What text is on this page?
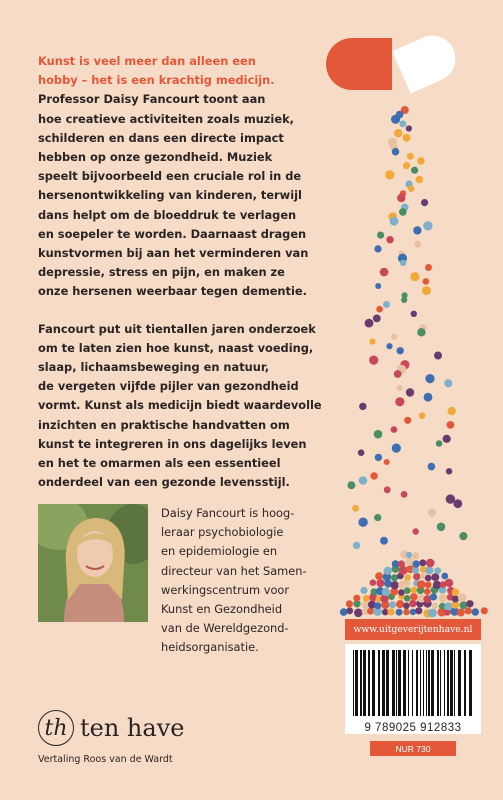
Kunst is veel meer dan alleen een
hobby – het is een krachtig medicijn.

Professor Daisy Fancourt toont aan
hoe creatieve activiteiten zoals muziek,
schilderen en dans een directe impact
hebben op onze gezondheid. Muziek
speelt bijvoorbeeld een cruciale rol in de
hersenontwikkeling van kinderen, terwijl
dans helpt om de bloeddruk te verlagen
en soepeler te worden. Daarnaast dragen
kunstvormen bij aan het verminderen van
depressie, stress en pijn, en maken ze
onze hersenen weerbaar tegen dementie.

Fancourt put uit tientallen jaren onderzoek
om te laten zien hoe kunst, naast voeding,
slaap, lichaamsbeweging en natuur,
de vergeten vijfde pijler van gezondheid
vormt. Kunst als medicijn biedt waardevolle
inzichten en praktische handvatten om
kunst te integreren in ons dagelijks leven
en het te omarmen als een essentieel
onderdeel van een gezonde levensstijl.

Daisy Fancourt is hoog-
leraar psychobiologie
en epidemiologie en
directeur van het Samen-
werkingscentrum voor
Kunst en Gezondheid
van de Wereldgezond-
heidsorganisatie.
th ten have
Vertaling Roos van de Wardt
www.uitgeverijtenhave.nl
9 789025 912833
NUR 730
